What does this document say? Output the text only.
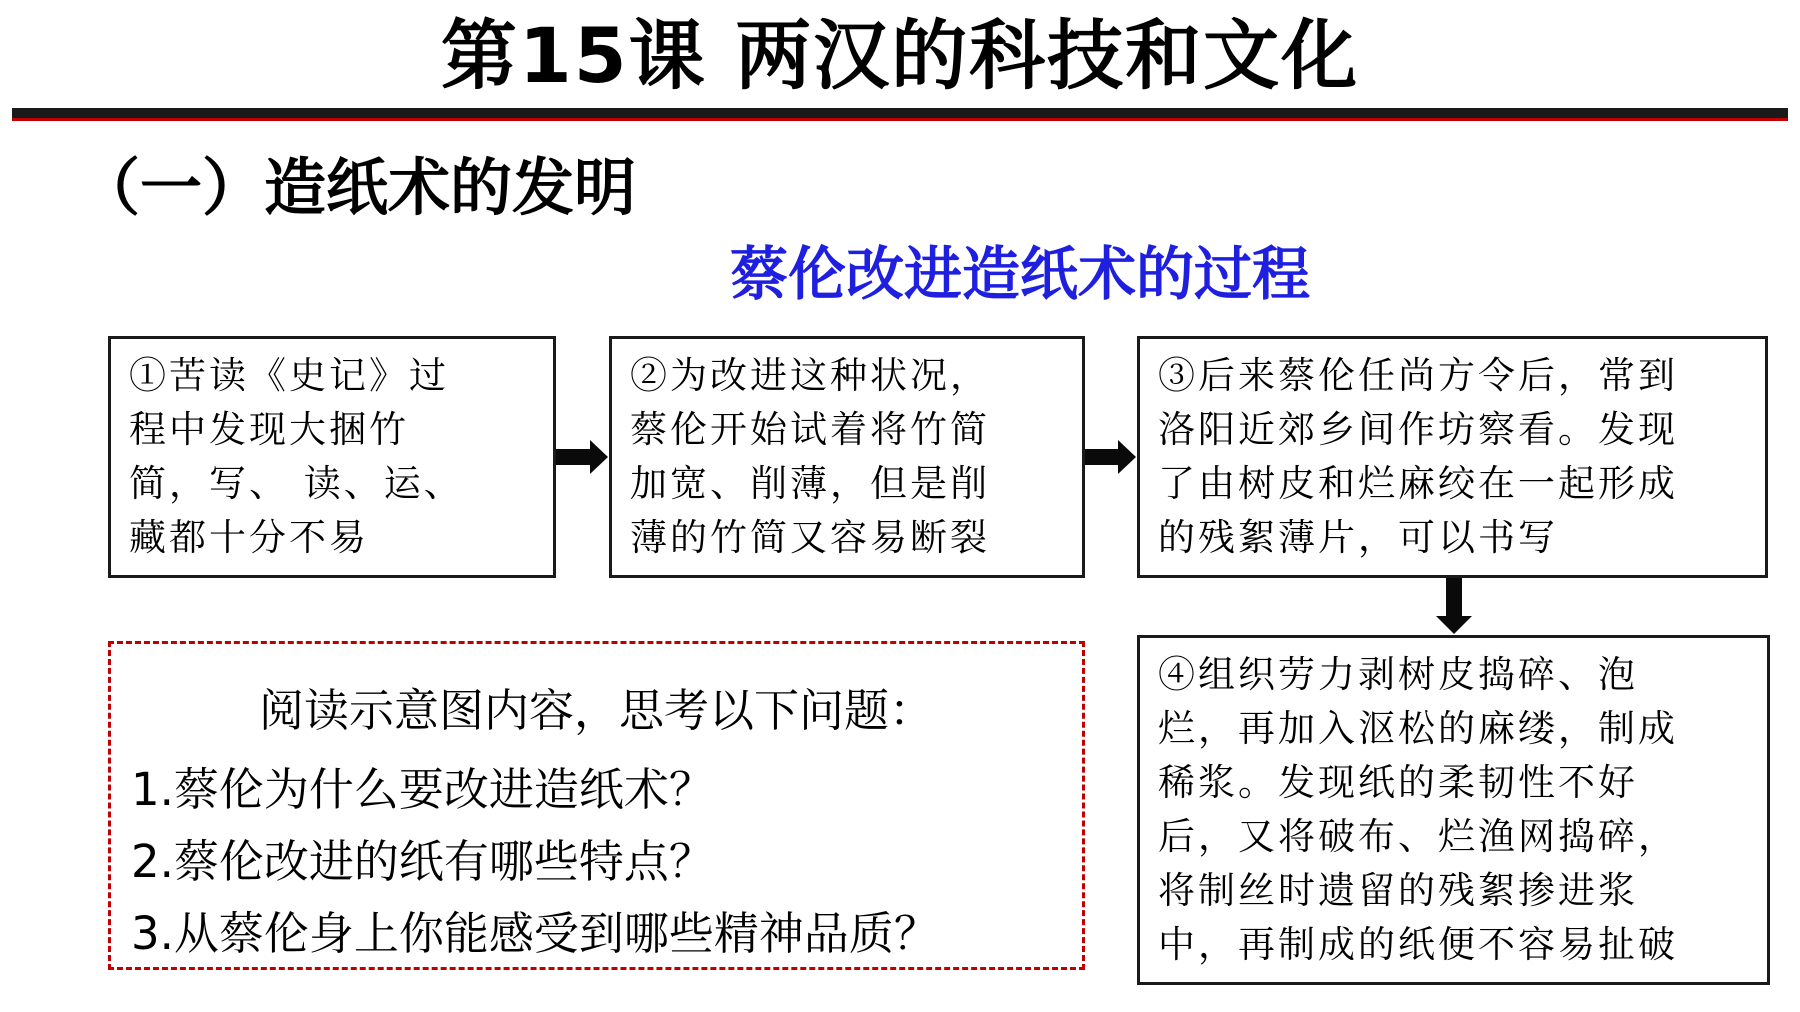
第15课 两汉的科技和文化
（一）造纸术的发明
蔡伦改进造纸术的过程
①苦读《史记》过
程中发现大捆竹
简，写、 读、运、
藏都十分不易
②为改进这种状况，
蔡伦开始试着将竹简
加宽、削薄，但是削
薄的竹简又容易断裂
③后来蔡伦任尚方令后，常到
洛阳近郊乡间作坊察看。发现
了由树皮和烂麻绞在一起形成
的残絮薄片，可以书写
④组织劳力剥树皮捣碎、泡
烂，再加入沤松的麻缕，制成
稀浆。发现纸的柔韧性不好
后，又将破布、烂渔网捣碎，
将制丝时遗留的残絮掺进浆
中，再制成的纸便不容易扯破
阅读示意图内容，思考以下问题：
1.蔡伦为什么要改进造纸术？
2.蔡伦改进的纸有哪些特点？
3.从蔡伦身上你能感受到哪些精神品质？
